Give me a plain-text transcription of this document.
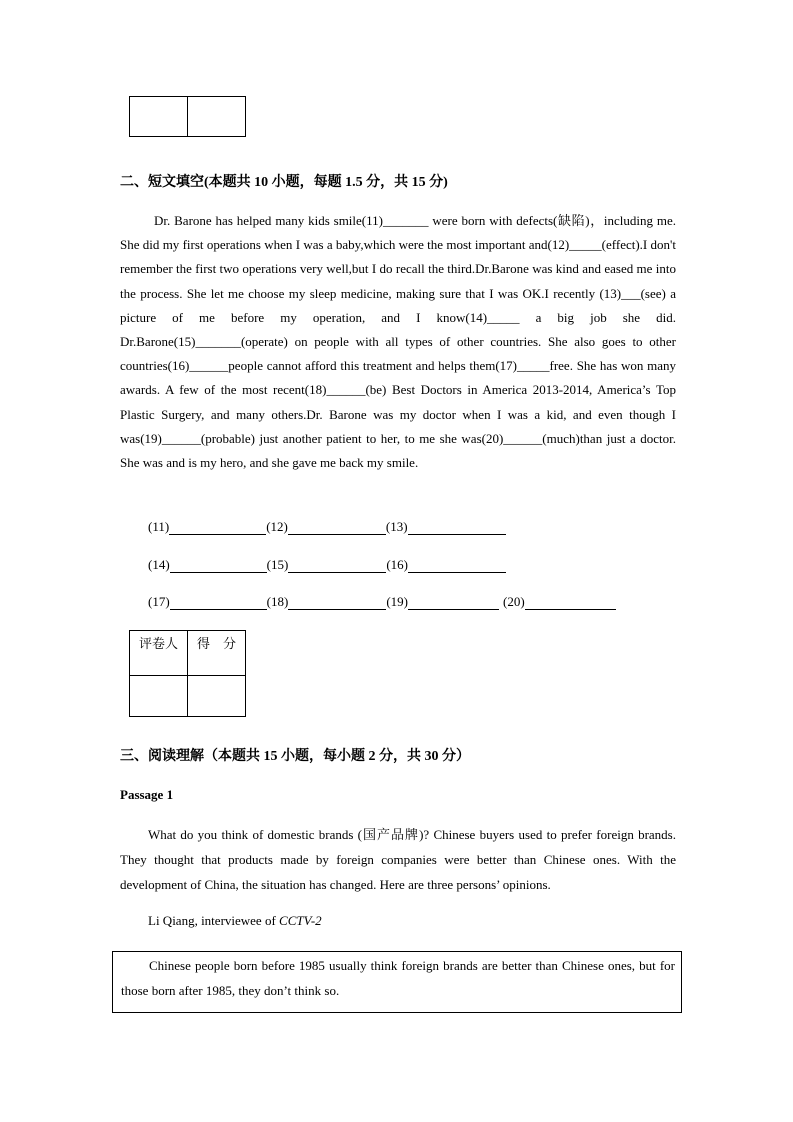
二、短文填空(本题共 10 小题，每题 1.5 分，共 15 分)
Dr. Barone has helped many kids smile(11)_______ were born with defects(缺陷)，including me. She did my first operations when I was a baby,which were the most important and(12)_____(effect).I don't remember the first two operations very well,but I do recall the third.Dr.Barone was kind and eased me into the process. She let me choose my sleep medicine, making sure that I was OK.I recently (13)___(see) a picture of me before my operation, and I know(14)_____ a big job she did. Dr.Barone(15)_______(operate) on people with all types of other countries. She also goes to other countries(16)______people cannot afford this treatment and helps them(17)_____free. She has won many awards. A few of the most recent(18)______(be) Best Doctors in America 2013-2014, America’s Top Plastic Surgery, and many others.Dr. Barone was my doctor when I was a kid, and even though I was(19)______(probable) just another patient to her, to me she was(20)______(much)than just a doctor. She was and is my hero, and she gave me back my smile.
(11)	(12)	(13)
(14)	(15)	(16)
(17)	(18)	(19)	(20)
评卷人	得　分

三、阅读理解（本题共 15 小题，每小题 2 分，共 30 分）
Passage 1
What do you think of domestic brands (国产品牌)? Chinese buyers used to prefer foreign brands. They thought that products made by foreign companies were better than Chinese ones. With the development of China, the situation has changed. Here are three persons’ opinions.
Li Qiang, interviewee of CCTV-2
Chinese people born before 1985 usually think foreign brands are better than Chinese ones, but for those born after 1985, they don’t think so.
